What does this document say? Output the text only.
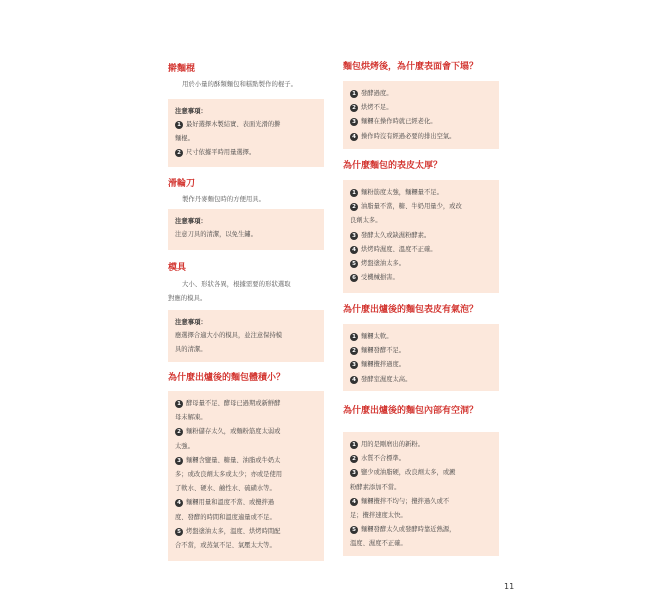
擀麵棍
用於小量的酥類麵包和糕點製作的棍子。
注意事項：
1 最好選擇木製結實、表面光滑的擀
麵棍。
2 尺寸依據平時用量選擇。
滑輪刀
製作丹麥麵包時的方便用具。
注意事項：
注意刀具的清潔，以免生鏽。
模具
大小、形狀各異，根據需要的形狀選取
對應的模具。
注意事項：
應選擇合適大小的模具，並注意保持模
具的清潔。
為什麼出爐後的麵包體積小？
1 酵母量不足、酵母已過期或新鮮酵
母未解凍。
2 麵粉儲存太久，或麵粉筋度太弱或
太強。
3 麵糰含鹽量、糖量、油脂或牛奶太
多；或改良劑太多或太少；亦或是使用
了軟水、硬水、鹼性水、硫磺水等。
4 麵糰用量和溫度不當、或攪拌過
度、發酵的時間和溫度適量或不足。
5 烤盤塗油太多，溫度、烘烤時間配
合不當，或蒸氣不足、氣壓太大等。
麵包烘烤後，為什麼表面會下塌？
1 發酵過度。
2 烘烤不足。
3 麵糰在操作時就已經老化。
4 操作時沒有經過必要的排出空氣。
為什麼麵包的表皮太厚？
1 麵粉筋度太強，麵糰量不足。
2 油脂量不當，糖、牛奶用量少，或改
良劑太多。
3 發酵太久或缺濕粉酵素。
4 烘烤時濕度、溫度不正確。
5 烤盤塗油太多。
6 受機械損害。
為什麼出爐後的麵包表皮有氣泡？
1 麵糰太軟。
2 麵糰發酵不足。
3 麵糰攪拌過度。
4 發酵室濕度太高。
為什麼出爐後的麵包內部有空洞？
1 用的是剛磨出的新粉。
2 水質不合標準。
3 鹽少或油脂硬，改良劑太多，或澱
粉酵素添加不當。
4 麵糰攪拌不均勻；攪拌過久或不
足；攪拌速度太快。
5 麵糰發酵太久或發酵時靠近熱源，
溫度、濕度不正確。
11
